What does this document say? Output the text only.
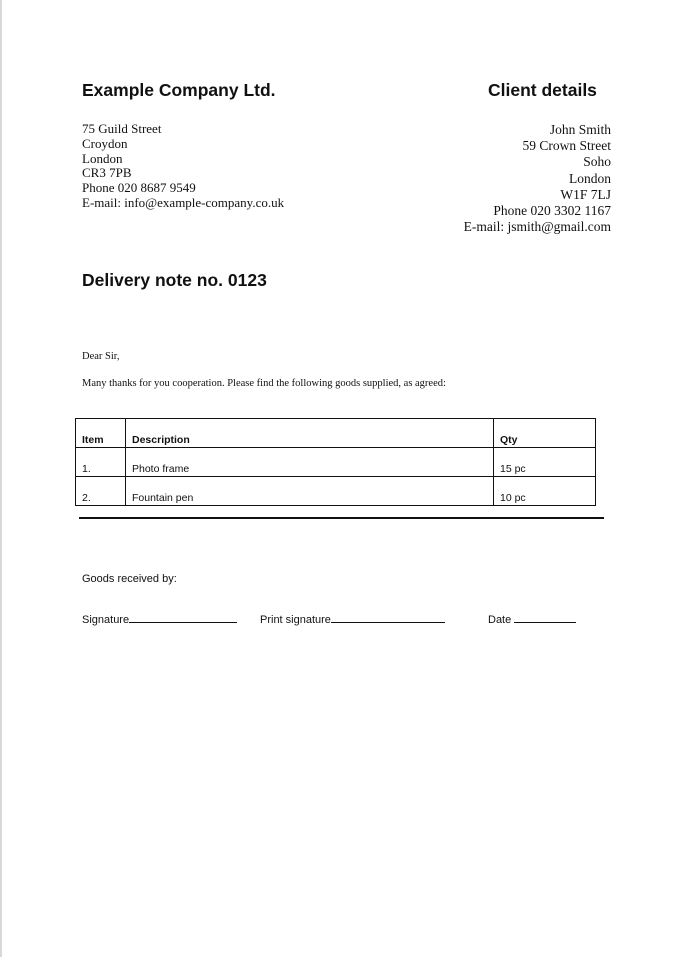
Example Company Ltd.	Client details
75 Guild Street
Croydon
London
CR3 7PB
Phone 020 8687 9549
E-mail: info@example-company.co.uk
John Smith
59 Crown Street
Soho
London
W1F 7LJ
Phone 020 3302 1167
E-mail: jsmith@gmail.com
Delivery note no. 0123
Dear Sir,
Many thanks for you cooperation. Please find the following goods supplied, as agreed:
Item	Description	Qty
1.	Photo frame	15 pc
2.	Fountain pen	10 pc
Goods received by:
Signature	Print signature	Date
